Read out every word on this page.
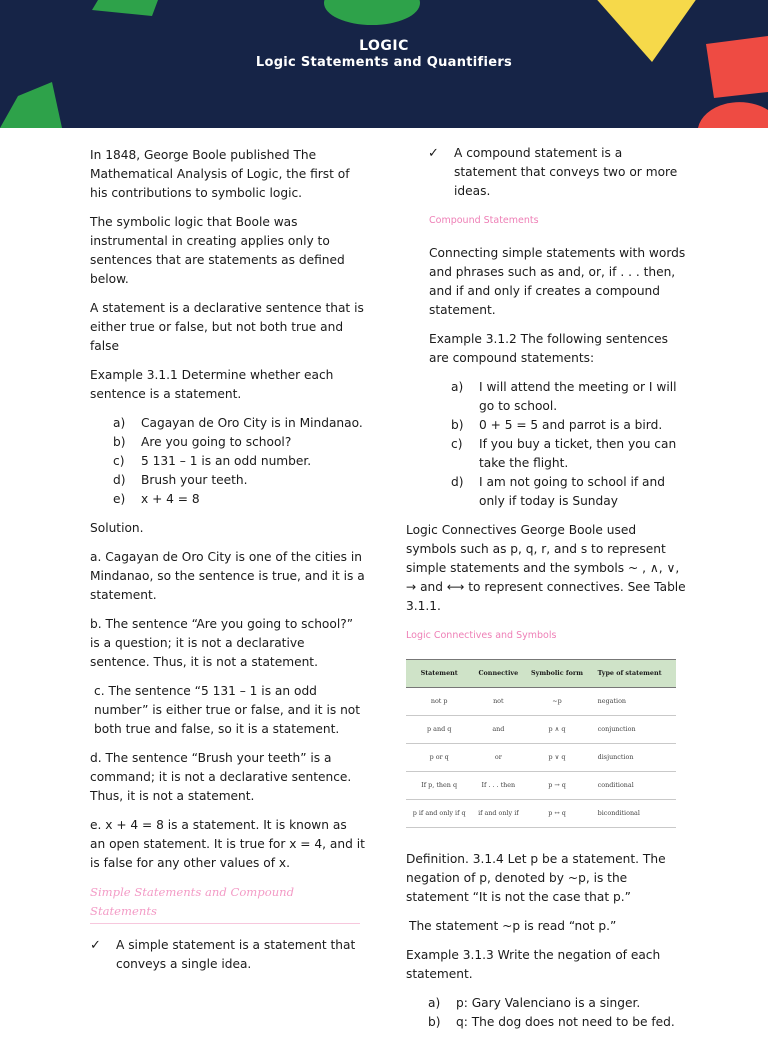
LOGIC
Logic Statements and Quantifiers

In 1848, George Boole published The Mathematical Analysis of Logic, the first of his contributions to symbolic logic.

The symbolic logic that Boole was instrumental in creating applies only to sentences that are statements as defined below.

A statement is a declarative sentence that is either true or false, but not both true and false

Example 3.1.1 Determine whether each sentence is a statement.

a)	Cagayan de Oro City is in Mindanao.
b)	Are you going to school?
c)	5 131 – 1 is an odd number.
d)	Brush your teeth.
e)	x + 4 = 8

Solution.

a. Cagayan de Oro City is one of the cities in Mindanao, so the sentence is true, and it is a statement.

b. The sentence “Are you going to school?” is a question; it is not a declarative sentence. Thus, it is not a statement.

c. The sentence “5 131 – 1 is an odd number” is either true or false, and it is not both true and false, so it is a statement.

d. The sentence “Brush your teeth” is a command; it is not a declarative sentence. Thus, it is not a statement.

e. x + 4 = 8 is a statement. It is known as an open statement. It is true for x = 4, and it is false for any other values of x.

Simple Statements and Compound Statements
✓	A simple statement is a statement that conveys a single idea.
✓	A compound statement is a statement that conveys two or more ideas.
Compound Statements

Connecting simple statements with words and phrases such as and, or, if . . . then, and if and only if creates a compound statement.

Example 3.1.2 The following sentences are compound statements:

a)	I will attend the meeting or I will go to school.
b)	0 + 5 = 5 and parrot is a bird.
c)	If you buy a ticket, then you can take the flight.
d)	I am not going to school if and only if today is Sunday

Logic Connectives George Boole used symbols such as p, q, r, and s to represent simple statements and the symbols ~ , ∧, ∨, → and ⟷ to represent connectives. See Table 3.1.1.

Logic Connectives and Symbols
Statement	Connective	Symbolic form	Type of statement
not p	not	~p	negation
p and q	and	p ∧ q	conjunction
p or q	or	p ∨ q	disjunction
If p, then q	If . . . then	p → q	conditional
p if and only if q	if and only if	p ↔ q	biconditional

Definition. 3.1.4 Let p be a statement. The negation of p, denoted by ~p, is the statement “It is not the case that p.”

The statement ~p is read “not p.”

Example 3.1.3 Write the negation of each statement.

a)	p: Gary Valenciano is a singer.
b)	q: The dog does not need to be fed.
